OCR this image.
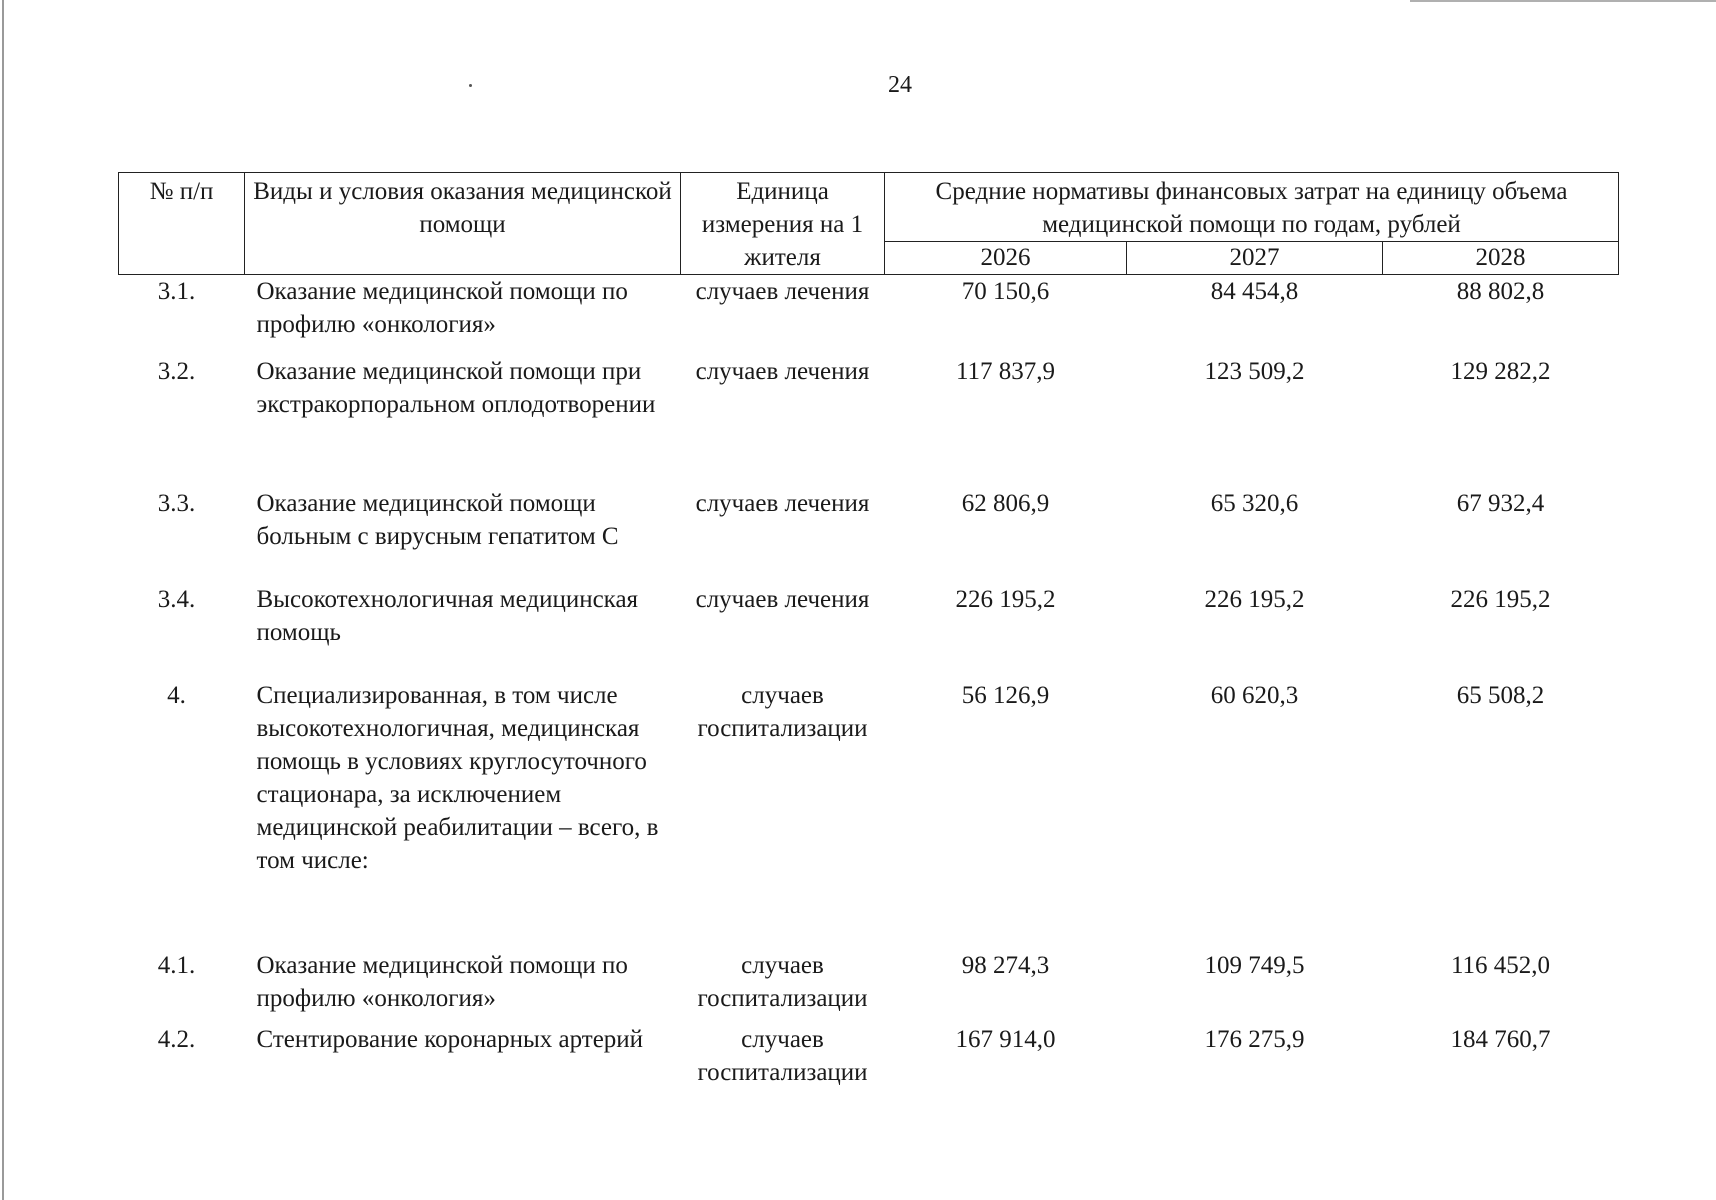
24
№ п/п	Виды и условия оказания медицинской помощи	Единица измерения на 1 жителя	Средние нормативы финансовых затрат на единицу объема медицинской помощи по годам, рублей		
			2026	2027	2028
3.1.	Оказание медицинской помощи по профилю «онкология»	случаев лечения	70 150,6	84 454,8	88 802,8
3.2.	Оказание медицинской помощи при экстракорпоральном оплодотворении	случаев лечения	117 837,9	123 509,2	129 282,2
3.3.	Оказание медицинской помощи больным с вирусным гепатитом С	случаев лечения	62 806,9	65 320,6	67 932,4
3.4.	Высокотехнологичная медицинская помощь	случаев лечения	226 195,2	226 195,2	226 195,2
4.	Специализированная, в том числе высокотехнологичная, медицинская помощь в условиях круглосуточного стационара, за исключением медицинской реабилитации – всего, в том числе:	случаев госпитализации	56 126,9	60 620,3	65 508,2
4.1.	Оказание медицинской помощи по профилю «онкология»	случаев госпитализации	98 274,3	109 749,5	116 452,0
4.2.	Стентирование коронарных артерий	случаев госпитализации	167 914,0	176 275,9	184 760,7
